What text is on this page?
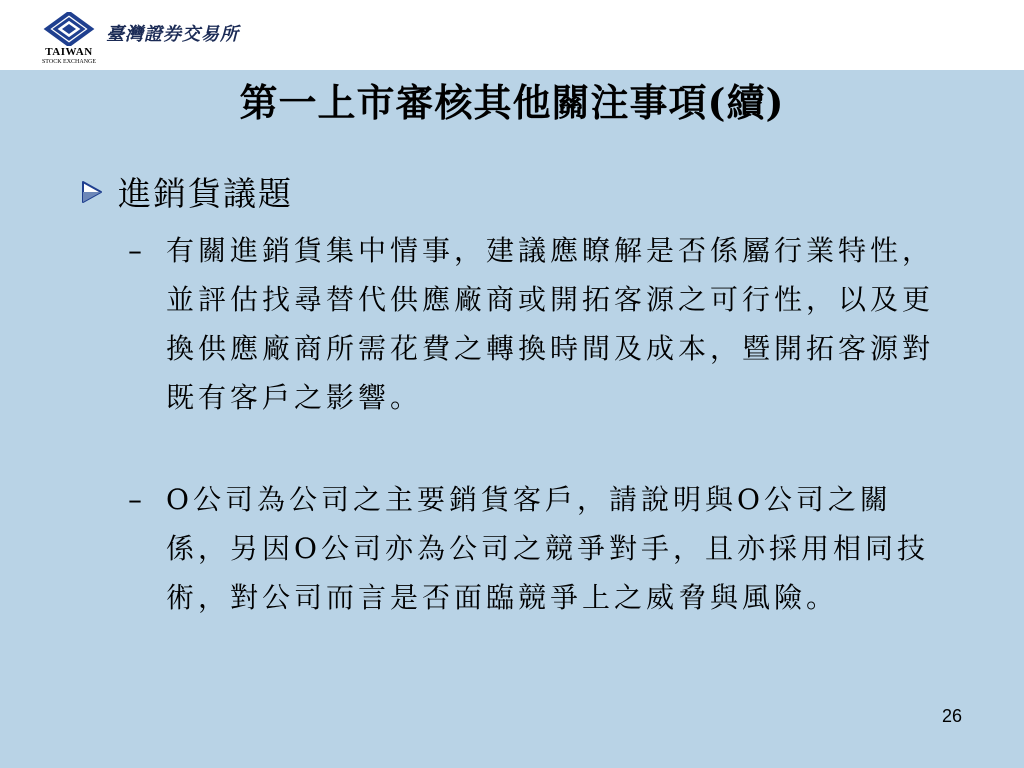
TAIWAN
STOCK EXCHANGE
臺灣證券交易所
第一上市審核其他關注事項(續)
進銷貨議題
– 有關進銷貨集中情事，建議應瞭解是否係屬行業特性，並評估找尋替代供應廠商或開拓客源之可行性，以及更換供應廠商所需花費之轉換時間及成本，暨開拓客源對既有客戶之影響。
– O公司為公司之主要銷貨客戶，請說明與O公司之關係，另因O公司亦為公司之競爭對手，且亦採用相同技術，對公司而言是否面臨競爭上之威脅與風險。
26
